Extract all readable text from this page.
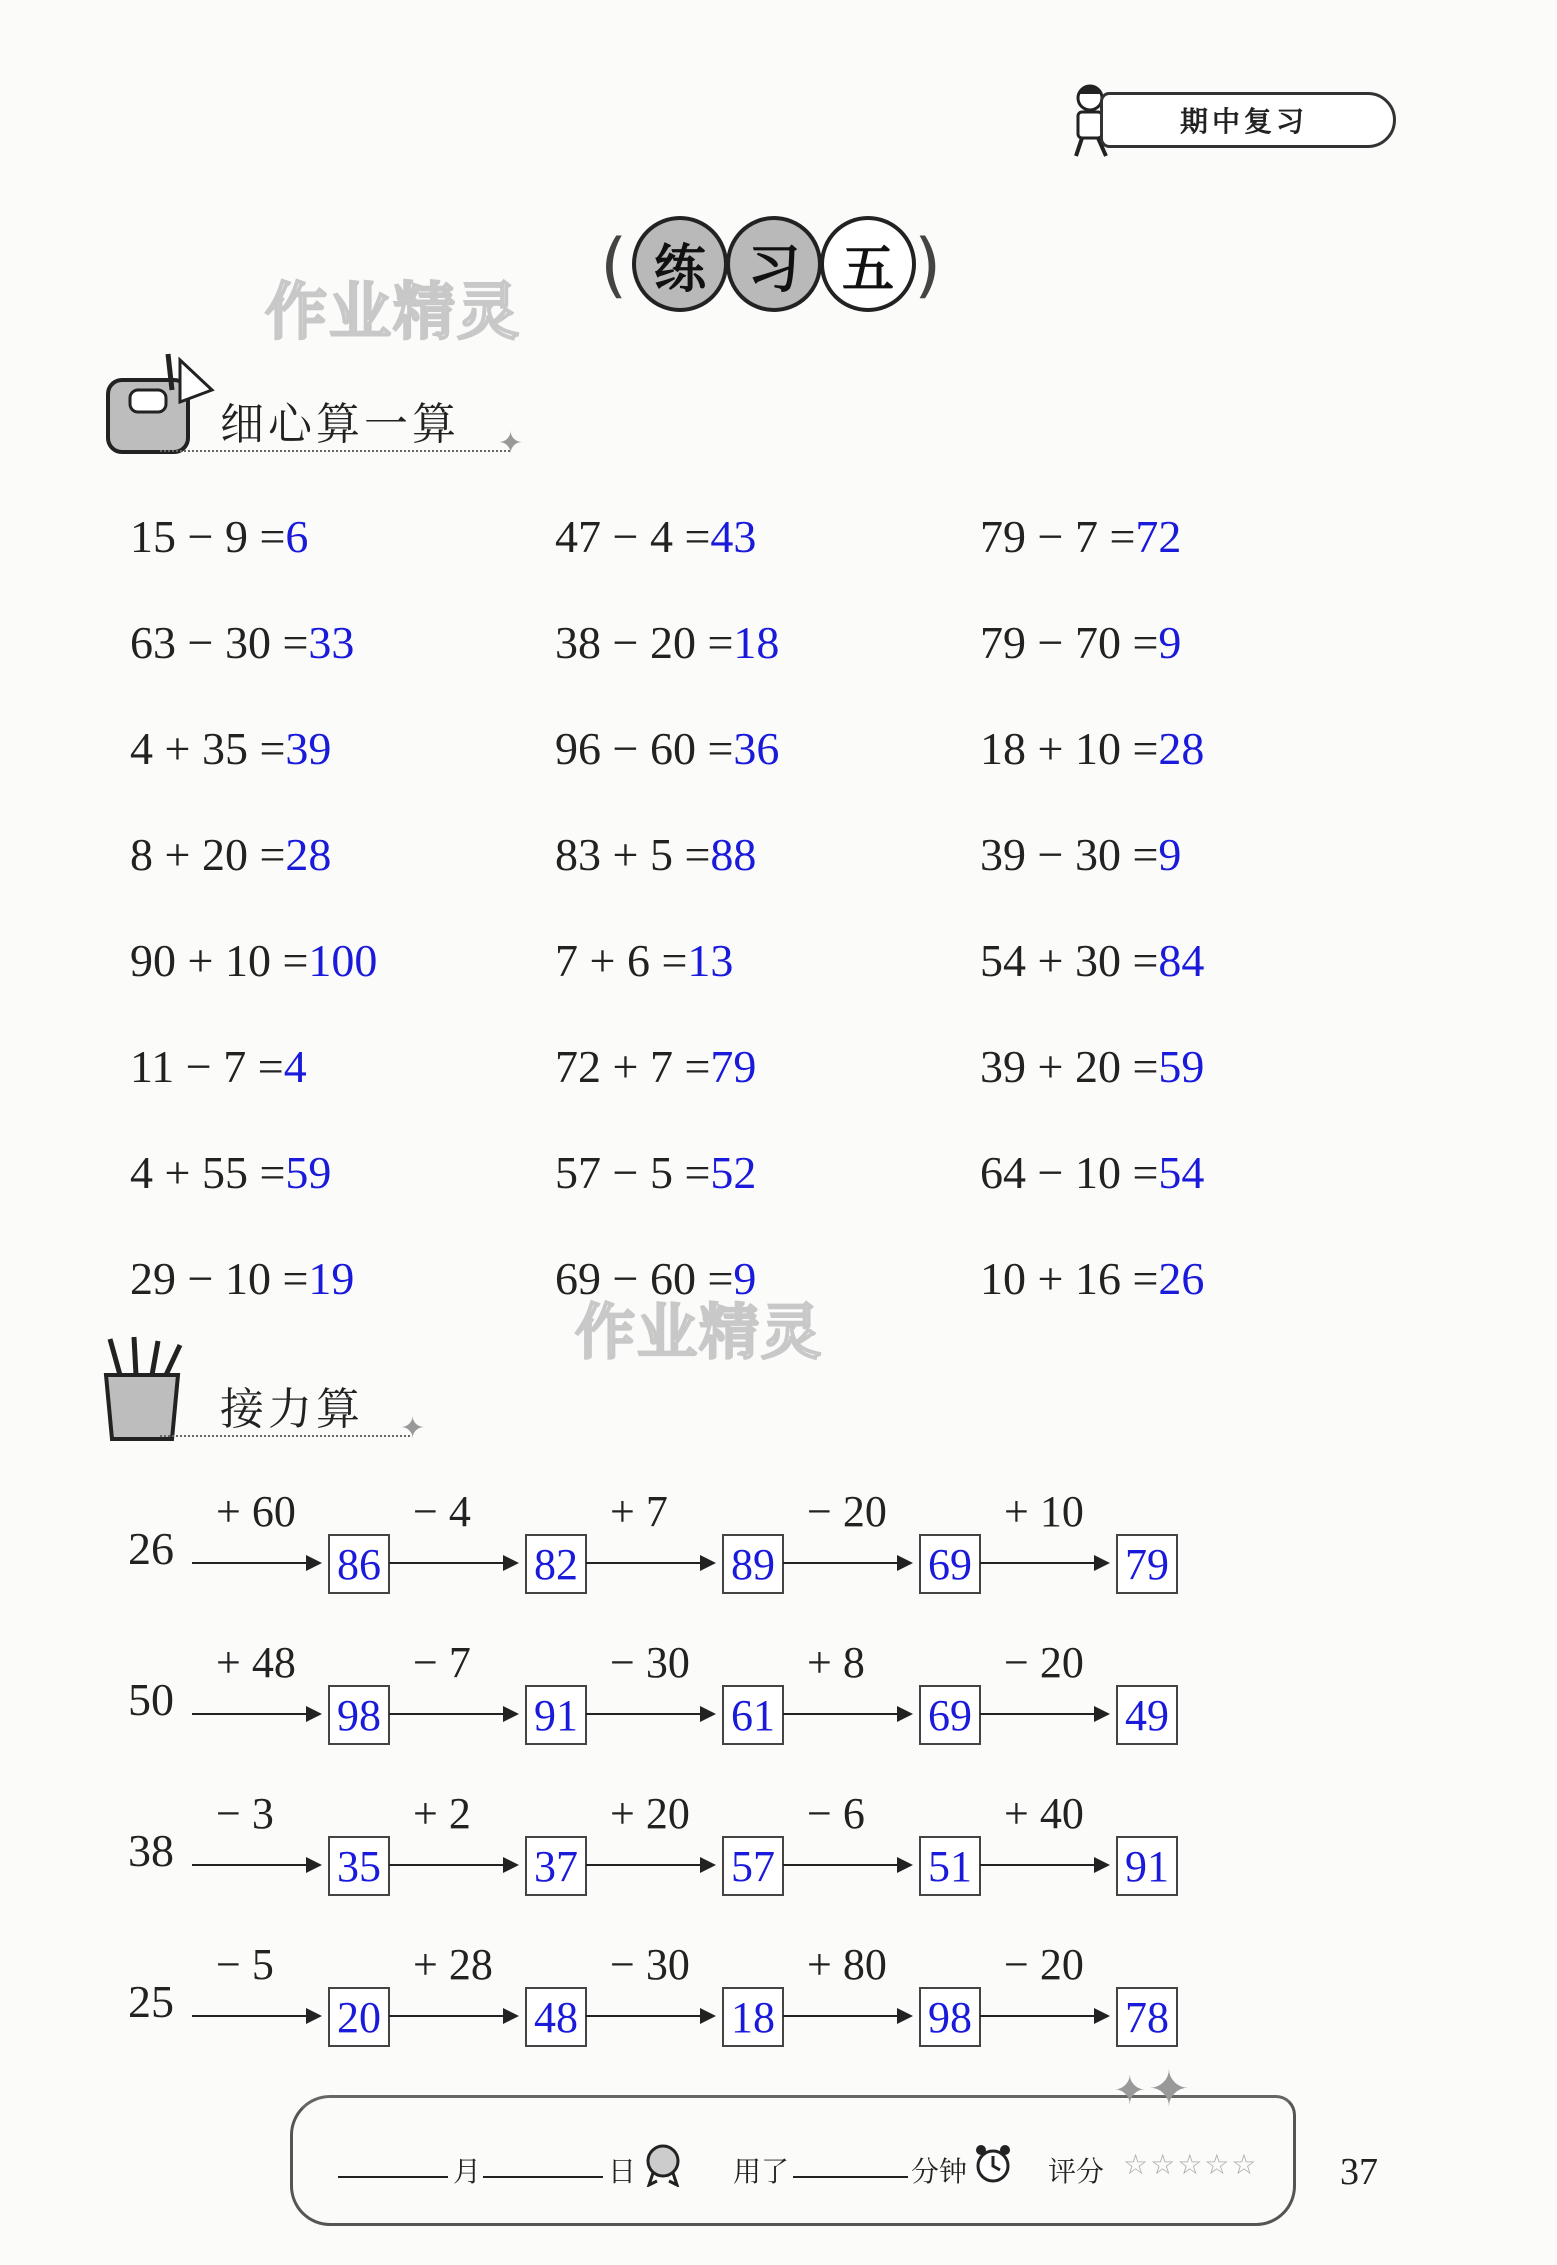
期中复习
作业精灵
( 练 习 五 )
细心算一算 ✦
15 − 9 =6	47 − 4 =43	79 − 7 =72
63 − 30 =33	38 − 20 =18	79 − 70 =9
4 + 35 =39	96 − 60 =36	18 + 10 =28
8 + 20 =28	83 + 5 =88	39 − 30 =9
90 + 10 =100	7 + 6 =13	54 + 30 =84
11 − 7 =4	72 + 7 =79	39 + 20 =59
4 + 55 =59	57 − 5 =52	64 − 10 =54
29 − 10 =19	69 − 60 =9	10 + 16 =26
作业精灵
接力算 ✦
26
+ 60
86
− 4
82
+ 7
89
− 20
69
+ 10
79
50
+ 48
98
− 7
91
− 30
61
+ 8
69
− 20
49
38
− 3
35
+ 2
37
+ 20
57
− 6
51
+ 40
91
25
− 5
20
+ 28
48
− 30
18
+ 80
98
− 20
78
月	日	用了	分钟	评分 ☆☆☆☆☆
✦ ✦
37
